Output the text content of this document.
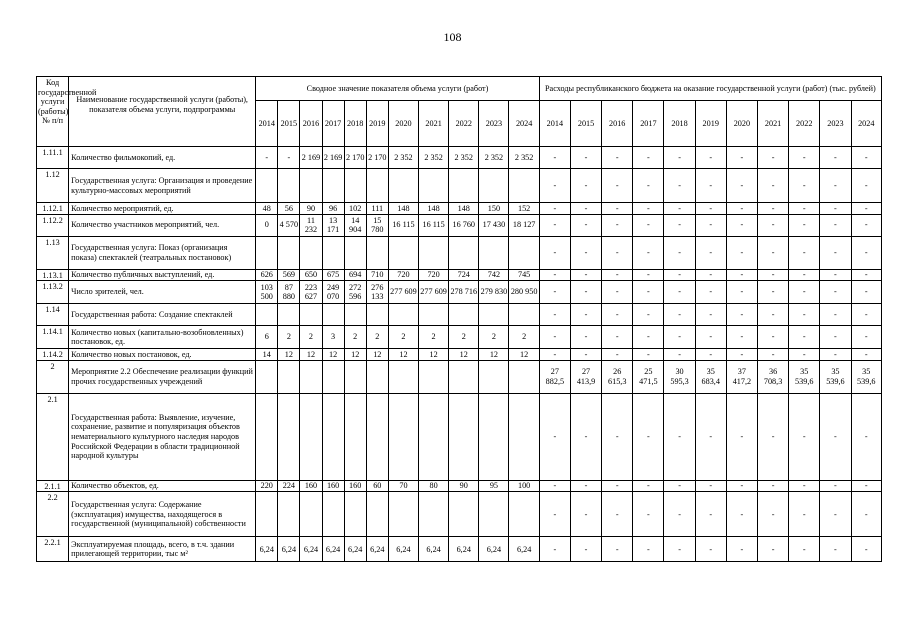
108
Код государственной услуги (работы) № п/п	Наименование государственной услуги (работы), показателя объема услуги, подпрограммы	Сводное значение показателя объема услуги (работ)											Расходы республиканского бюджета на оказание государственной услуги (работ) (тыс. рублей)										
		2014	2015	2016	2017	2018	2019	2020	2021	2022	2023	2024	2014	2015	2016	2017	2018	2019	2020	2021	2022	2023	2024
1.11.1	Количество фильмокопий, ед.	-	-	2 169	2 169	2 170	2 170	2 352	2 352	2 352	2 352	2 352	-	-	-	-	-	-	-	-	-	-	-
1.12	Государственная услуга: Организация и проведение культурно-массовых мероприятий												-	-	-	-	-	-	-	-	-	-	-
1.12.1	Количество мероприятий, ед.	48	56	90	96	102	111	148	148	148	150	152	-	-	-	-	-	-	-	-	-	-	-
1.12.2	Количество участников мероприятий, чел.	0	4 570	11 232	13 171	14 904	15 780	16 115	16 115	16 760	17 430	18 127	-	-	-	-	-	-	-	-	-	-	-
1.13	Государственная услуга: Показ (организация показа) спектаклей (театральных постановок)												-	-	-	-	-	-	-	-	-	-	-
1.13.1	Количество публичных выступлений, ед.	626	569	650	675	694	710	720	720	724	742	745	-	-	-	-	-	-	-	-	-	-	-
1.13.2	Число зрителей, чел.	103 500	87 880	223 627	249 070	272 596	276 133	277 609	277 609	278 716	279 830	280 950	-	-	-	-	-	-	-	-	-	-	-
1.14	Государственная работа: Создание спектаклей												-	-	-	-	-	-	-	-	-	-	-
1.14.1	Количество новых (капитально-возобновленных) постановок, ед.	6	2	2	3	2	2	2	2	2	2	2	-	-	-	-	-	-	-	-	-	-	-
1.14.2	Количество новых постановок, ед.	14	12	12	12	12	12	12	12	12	12	12	-	-	-	-	-	-	-	-	-	-	-
2	Мероприятие 2.2 Обеспечение реализации функций прочих государственных учреждений												27 882,5	27 413,9	26 615,3	25 471,5	30 595,3	35 683,4	37 417,2	36 708,3	35 539,6	35 539,6	35 539,6
2.1	Государственная работа: Выявление, изучение, сохранение, развитие и популяризация объектов нематериального культурного наследия народов Российской Федерации в области традиционной народной культуры												-	-	-	-	-	-	-	-	-	-	-
2.1.1	Количество объектов, ед.	220	224	160	160	160	60	70	80	90	95	100	-	-	-	-	-	-	-	-	-	-	-
2.2	Государственная услуга: Содержание (эксплуатация) имущества, находящегося в государственной (муниципальной) собственности												-	-	-	-	-	-	-	-	-	-	-
2.2.1	Эксплуатируемая площадь, всего, в т.ч. здании прилегающей территории, тыс м²	6,24	6,24	6,24	6,24	6,24	6,24	6,24	6,24	6,24	6,24	6,24	-	-	-	-	-	-	-	-	-	-	-
